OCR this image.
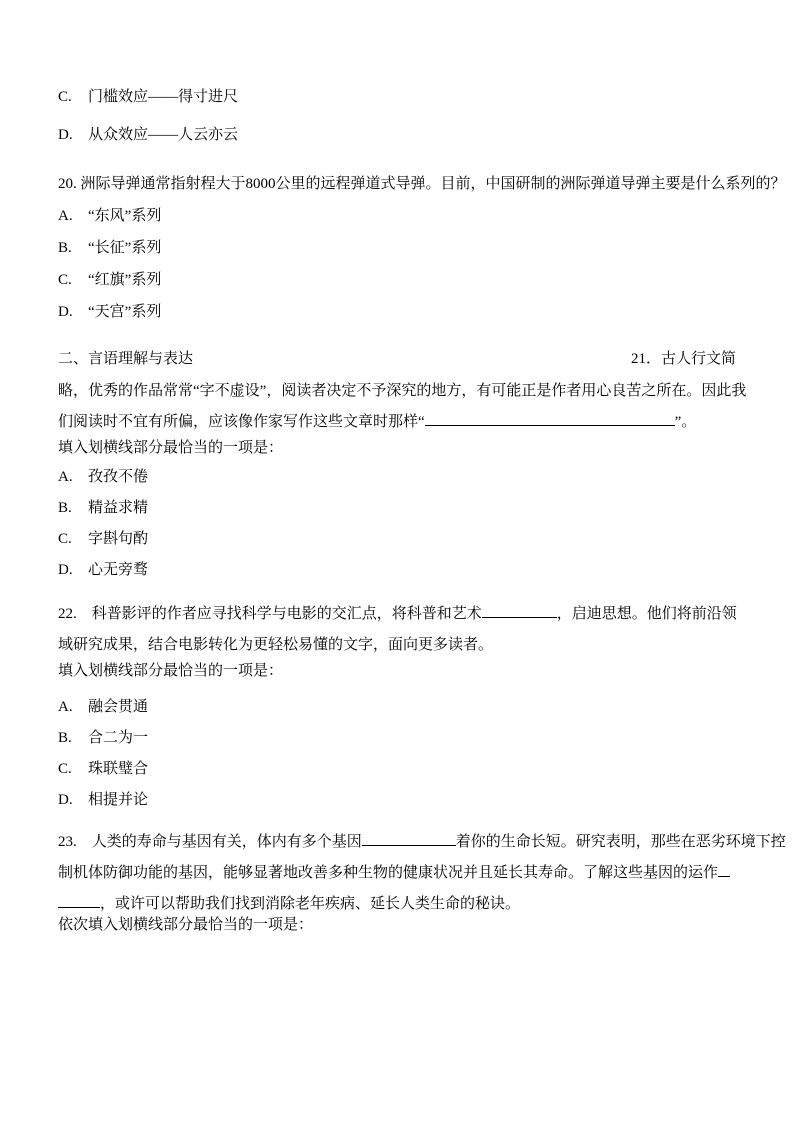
C. 门槛效应——得寸进尺
D. 从众效应——人云亦云
20. 洲际导弹通常指射程大于8000公里的远程弹道式导弹。目前，中国研制的洲际弹道导弹主要是什么系列的？
A. “东风”系列
B. “长征”系列
C. “红旗”系列
D. “天宫”系列
二、言语理解与表达	21．古人行文简
略，优秀的作品常常“字不虚设”，阅读者决定不予深究的地方，有可能正是作者用心良苦之所在。因此我
们阅读时不宜有所偏，应该像作家写作这些文章时那样“	”。
填入划横线部分最恰当的一项是：
A. 孜孜不倦
B. 精益求精
C. 字斟句酌
D. 心无旁骛
22.　科普影评的作者应寻找科学与电影的交汇点，将科普和艺术	，启迪思想。他们将前沿领
域研究成果，结合电影转化为更轻松易懂的文字，面向更多读者。
填入划横线部分最恰当的一项是：
A. 融会贯通
B. 合二为一
C. 珠联璧合
D. 相提并论
23.　人类的寿命与基因有关，体内有多个基因	着你的生命长短。研究表明，那些在恶劣环境下控
制机体防御功能的基因，能够显著地改善多种生物的健康状况并且延长其寿命。了解这些基因的运作
，或许可以帮助我们找到消除老年疾病、延长人类生命的秘诀。
依次填入划横线部分最恰当的一项是：
